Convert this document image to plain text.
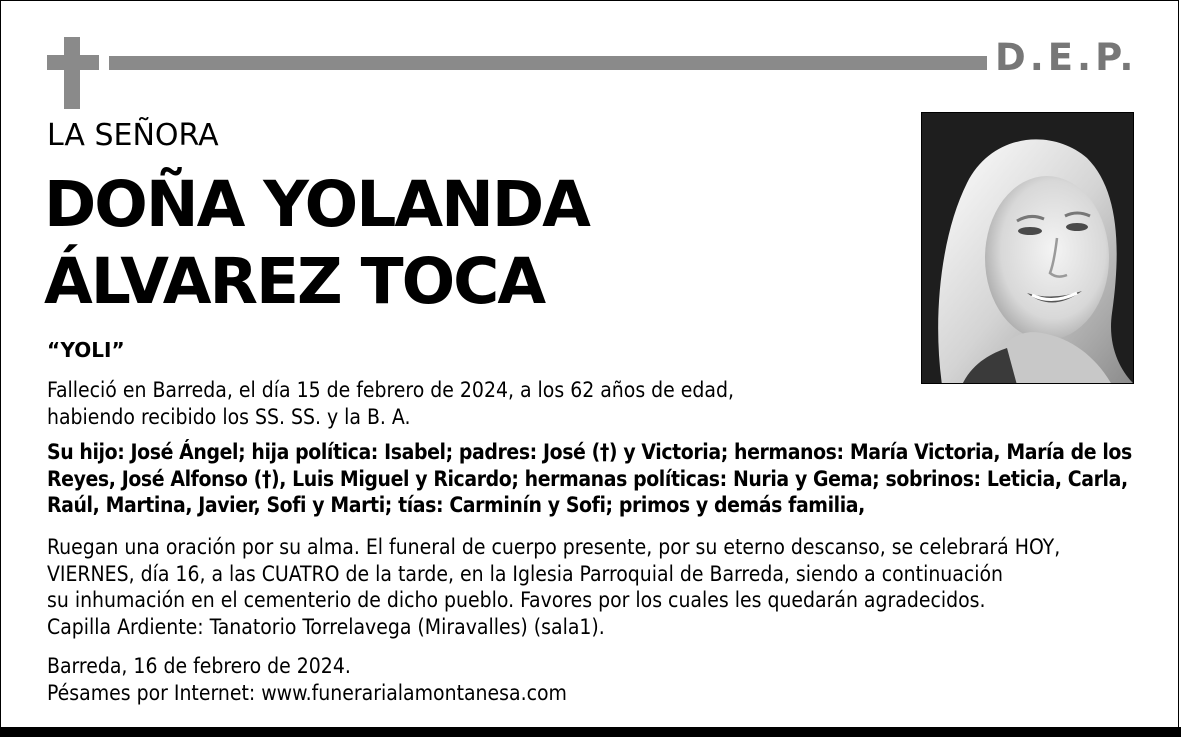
D.E.P.
LA SEÑORA
DOÑA YOLANDA
ÁLVAREZ TOCA
“YOLI”
Falleció en Barreda, el día 15 de febrero de 2024, a los 62 años de edad,
habiendo recibido los SS. SS. y la B. A.
Su hijo: José Ángel; hija política: Isabel; padres: José (†) y Victoria; hermanos: María Victoria, María de los
Reyes, José Alfonso (†), Luis Miguel y Ricardo; hermanas políticas: Nuria y Gema; sobrinos: Leticia, Carla,
Raúl, Martina, Javier, Sofi y Marti; tías: Carminín y Sofi; primos y demás familia,
Ruegan una oración por su alma. El funeral de cuerpo presente, por su eterno descanso, se celebrará HOY,
VIERNES, día 16, a las CUATRO de la tarde, en la Iglesia Parroquial de Barreda, siendo a continuación
su inhumación en el cementerio de dicho pueblo. Favores por los cuales les quedarán agradecidos.
Capilla Ardiente: Tanatorio Torrelavega (Miravalles) (sala1).
Barreda, 16 de febrero de 2024.
Pésames por Internet: www.funerarialamontanesa.com
